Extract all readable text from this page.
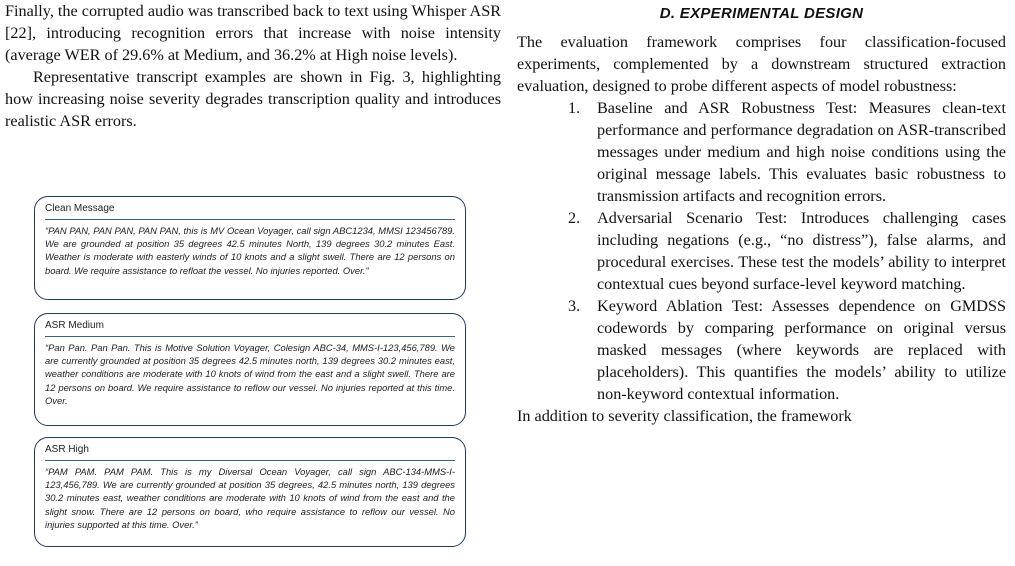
Finally, the corrupted audio was transcribed back to text using Whisper ASR [22], introducing recognition errors that increase with noise intensity (average WER of 29.6% at Medium, and 36.2% at High noise levels).

Representative transcript examples are shown in Fig. 3, highlighting how increasing noise severity degrades transcription quality and introduces realistic ASR errors.

Clean Message
“PAN PAN, PAN PAN, PAN PAN, this is MV Ocean Voyager, call sign ABC1234, MMSI 123456789. We are grounded at position 35 degrees 42.5 minutes North, 139 degrees 30.2 minutes East. Weather is moderate with easterly winds of 10 knots and a slight swell. There are 12 persons on board. We require assistance to refloat the vessel. No injuries reported. Over.”
ASR Medium
“Pan Pan. Pan Pan. This is Motive Solution Voyager, Colesign ABC-34, MMS-I-123,456,789. We are currently grounded at position 35 degrees 42.5 minutes north, 139 degrees 30.2 minutes east, weather conditions are moderate with 10 knots of wind from the east and a slight swell. There are 12 persons on board. We require assistance to reflow our vessel. No injuries reported at this time. Over.
ASR High
“PAM PAM. PAM PAM. This is my Diversal Ocean Voyager, call sign ABC-134-MMS-I-123,456,789. We are currently grounded at position 35 degrees, 42.5 minutes north, 139 degrees 30.2 minutes east, weather conditions are moderate with 10 knots of wind from the east and the slight snow. There are 12 persons on board, who require assistance to reflow our vessel. No injuries supported at this time. Over.”
D. EXPERIMENTAL DESIGN

The evaluation framework comprises four classification-focused experiments, complemented by a downstream structured extraction evaluation, designed to probe different aspects of model robustness:

1. Baseline and ASR Robustness Test: Measures clean-text performance and performance degradation on ASR-transcribed messages under medium and high noise conditions using the original message labels. This evaluates basic robustness to transmission artifacts and recognition errors.
2. Adversarial Scenario Test: Introduces challenging cases including negations (e.g., “no distress”), false alarms, and procedural exercises. These test the models’ ability to interpret contextual cues beyond surface-level keyword matching.
3. Keyword Ablation Test: Assesses dependence on GMDSS codewords by comparing performance on original versus masked messages (where keywords are replaced with placeholders). This quantifies the models’ ability to utilize non-keyword contextual information.

In addition to severity classification, the framework
